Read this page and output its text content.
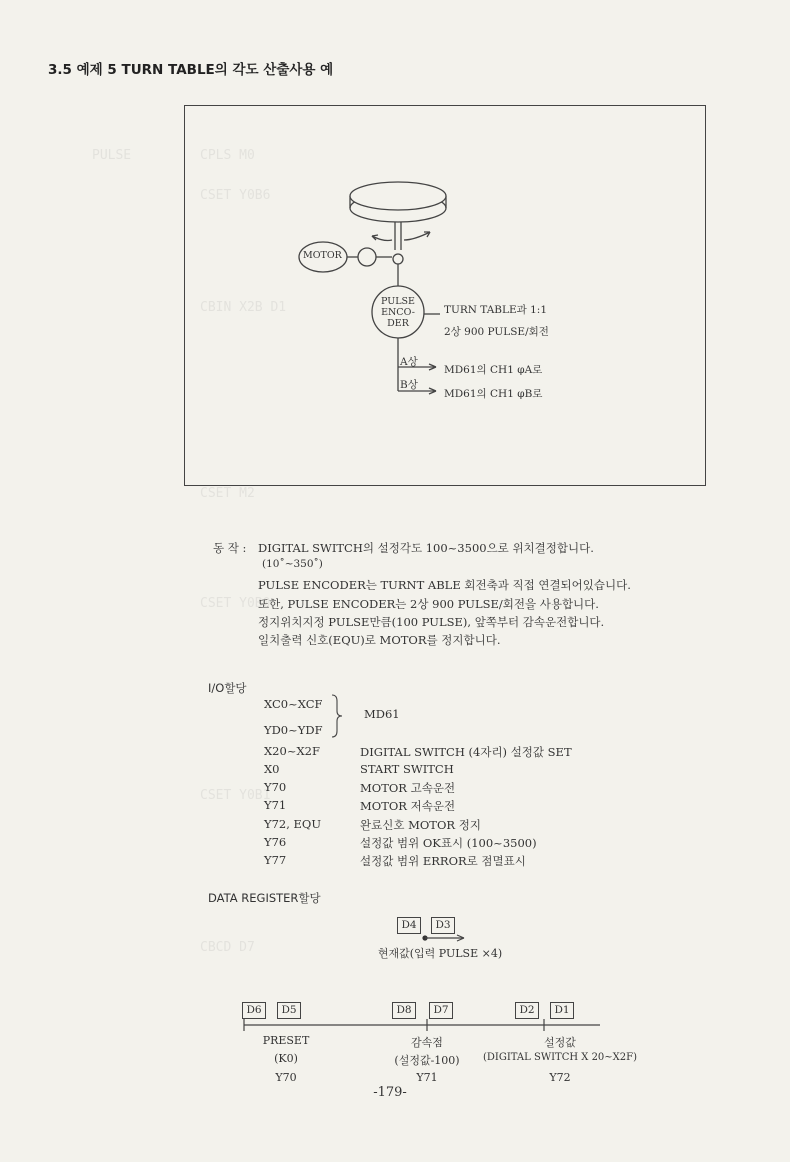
PULSE	CPLS M0
CSET Y0B6
CBIN X2B D1
CSET M2
CSET Y0B0
CSET Y0B1
CBCD D7
3.5 예제 5 TURN TABLE의 각도 산출사용 예
MOTOR
PULSE
ENCO-
DER
TURN TABLE과 1:1
2상 900 PULSE/회전
A상
B상
MD61의 CH1 φA로
MD61의 CH1 φB로
동 작 : DIGITAL SWITCH의 설정각도 100~3500으로 위치결정합니다.
(10˚~350˚)
PULSE ENCODER는 TURNT ABLE 회전축과 직접 연결되어있습니다.
또한, PULSE ENCODER는 2상 900 PULSE/회전을 사용합니다.
정지위치지정 PULSE만큼(100 PULSE), 앞쪽부터 감속운전합니다.
일치출력 신호(EQU)로 MOTOR를 정지합니다.
I/O할당
XC0~XCF
YD0~YDF
MD61
X20~X2F	DIGITAL SWITCH (4자리) 설정값 SET
X0	START SWITCH
Y70	MOTOR 고속운전
Y71	MOTOR 저속운전
Y72, EQU	완료신호 MOTOR 정지
Y76	설정값 범위 OK표시 (100~3500)
Y77	설정값 범위 ERROR로 점멸표시
DATA REGISTER할당
D4	D3
현재값(입력 PULSE ×4)
D6	D5	D8	D7	D2	D1
PRESET
(K0)
Y70
감속점
(설정값-100)
Y71
설정값
(DIGITAL SWITCH X 20~X2F)
Y72
-179-
